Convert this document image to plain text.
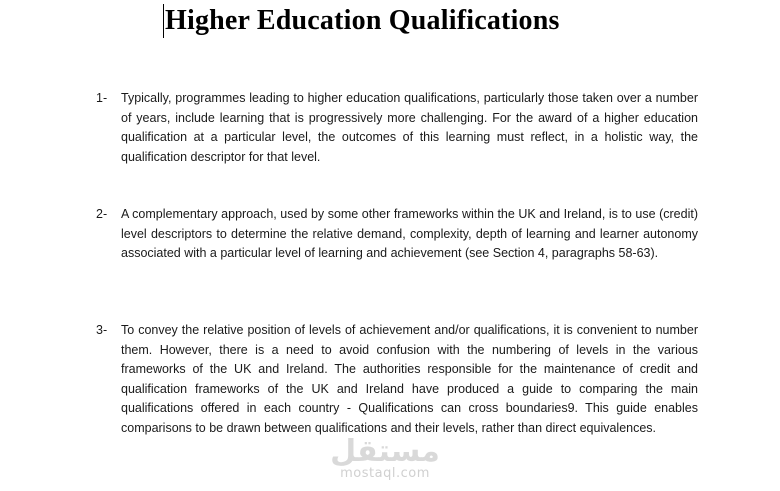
Higher Education Qualifications
1-	Typically, programmes leading to higher education qualifications, particularly those taken over a number of years, include learning that is progressively more challenging. For the award of a higher education qualification at a particular level, the outcomes of this learning must reflect, in a holistic way, the qualification descriptor for that level.

2-	A complementary approach, used by some other frameworks within the UK and Ireland, is to use (credit) level descriptors to determine the relative demand, complexity, depth of learning and learner autonomy associated with a particular level of learning and achievement (see Section 4, paragraphs 58-63).

3-	To convey the relative position of levels of achievement and/or qualifications, it is convenient to number them. However, there is a need to avoid confusion with the numbering of levels in the various frameworks of the UK and Ireland. The authorities responsible for the maintenance of credit and qualification frameworks of the UK and Ireland have produced a guide to comparing the main qualifications offered in each country - Qualifications can cross boundaries9. This guide enables comparisons to be drawn between qualifications and their levels, rather than direct equivalences.

مستقل
mostaql.com
